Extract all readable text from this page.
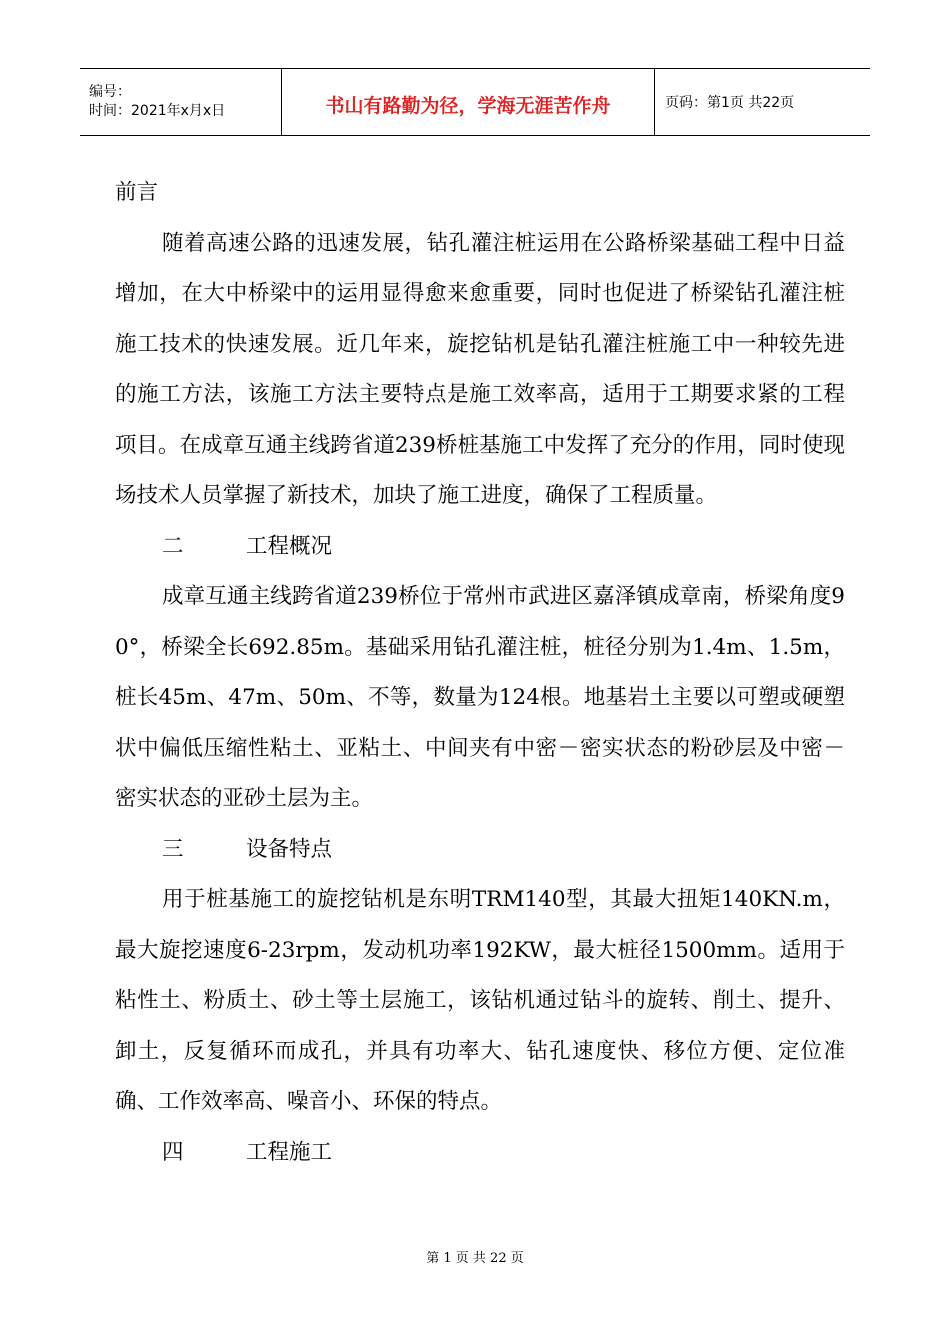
编号：
时间：2021年x月x日	书山有路勤为径，学海无涯苦作舟	页码：第1页 共22页

前言

随着高速公路的迅速发展，钻孔灌注桩运用在公路桥梁基础工程中日益增加，在大中桥梁中的运用显得愈来愈重要，同时也促进了桥梁钻孔灌注桩施工技术的快速发展。近几年来，旋挖钻机是钻孔灌注桩施工中一种较先进的施工方法，该施工方法主要特点是施工效率高，适用于工期要求紧的工程项目。在成章互通主线跨省道239桥桩基施工中发挥了充分的作用，同时使现场技术人员掌握了新技术，加块了施工进度，确保了工程质量。

二	工程概况

成章互通主线跨省道239桥位于常州市武进区嘉泽镇成章南，桥梁角度90°，桥梁全长692.85m。基础采用钻孔灌注桩，桩径分别为1.4m、1.5m，桩长45m、47m、50m、不等，数量为124根。地基岩土主要以可塑或硬塑状中偏低压缩性粘土、亚粘土、中间夹有中密－密实状态的粉砂层及中密－密实状态的亚砂土层为主。

三	设备特点

用于桩基施工的旋挖钻机是东明TRM140型，其最大扭矩140KN.m，最大旋挖速度6-23rpm，发动机功率192KW，最大桩径1500mm。适用于粘性土、粉质土、砂土等土层施工，该钻机通过钻斗的旋转、削土、提升、卸土，反复循环而成孔，并具有功率大、钻孔速度快、移位方便、定位准确、工作效率高、噪音小、环保的特点。

四	工程施工

第 1 页 共 22 页
